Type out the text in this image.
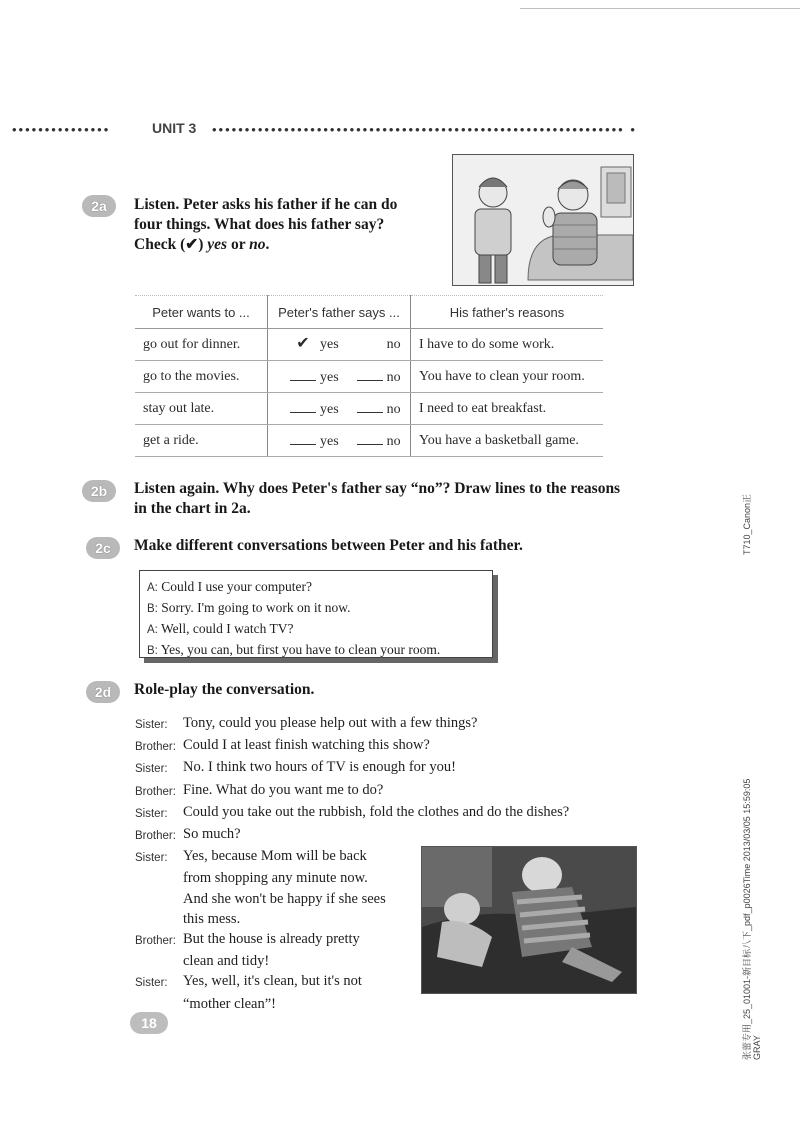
•••••••••••••••	UNIT 3 ••••••••••••••••••••••••••••••••••••••••••••••••••••••••••••••• •
2a	Listen. Peter asks his father if he can do
four things. What does his father say?
Check (✔) yes or no.
Peter wants to ...	Peter's father says ...	His father's reasons
go out for dinner.	✔ yes no	I have to do some work.
go to the movies.	yes no	You have to clean your room.
stay out late.	yes no	I need to eat breakfast.
get a ride.	yes no	You have a basketball game.
2b	Listen again. Why does Peter's father say “no”? Draw lines to the reasons
in the chart in 2a.
2c	Make different conversations between Peter and his father.
A: Could I use your computer?
B: Sorry. I'm going to work on it now.
A: Well, could I watch TV?
B: Yes, you can, but first you have to clean your room.
2d	Role-play the conversation.
Sister:	Tony, could you please help out with a few things?
Brother: Could I at least finish watching this show?
Sister:	No. I think two hours of TV is enough for you!
Brother: Fine. What do you want me to do?
Sister:	Could you take out the rubbish, fold the clothes and do the dishes?
Brother: So much?
Sister:	Yes, because Mom will be back
from shopping any minute now.
And she won't be happy if she sees
this mess.
Brother: But the house is already pretty
clean and tidy!
Sister:	Yes, well, it's clean, but it's not
“mother clean”!
18
T710_Canon正
张蕾专用_25_01001-新目标八下_pdf_p0026Time 2013/03/05 15:59:05 GRAY
